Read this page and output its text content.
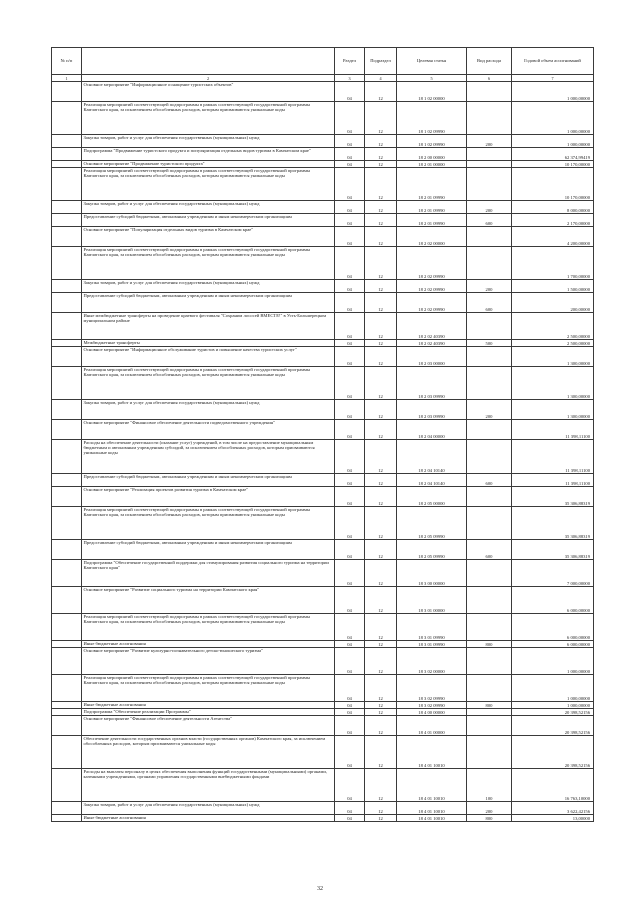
№ п/п		Раздел	Подраздел	Целевая статья	Вид расхода	Годовой объем ассигнований
1	2	3	4	5	6	7
	Основное мероприятие "Информационное оснащение туристских объектов"	04	12	18 1 02 00000		1 000,00000
	Реализация мероприятий соответствующей подпрограммы в рамках соответствующей государственной программы Камчатского края, за исключением обособленных расходов, которым присваиваются уникальные коды	04	12	18 1 02 09990		1 000,00000
	Закупка товаров, работ и услуг для обеспечения государственных (муниципальных) нужд	04	12	18 1 02 09990	200	1 000,00000
	Подпрограмма "Продвижение туристского продукта и популяризация отдельных видов туризма в Камчатском крае"	04	12	18 2 00 00000		62 374,99419
	Основное мероприятие "Продвижение туристского продукта"	04	12	18 2 01 00000		10 170,00000
	Реализация мероприятий соответствующей подпрограммы в рамках соответствующей государственной программы Камчатского края, за исключением обособленных расходов, которым присваиваются уникальные коды	04	12	18 2 01 09990		10 170,00000
	Закупка товаров, работ и услуг для обеспечения государственных (муниципальных) нужд	04	12	18 2 01 09990	200	8 000,00000
	Предоставление субсидий бюджетным, автономным учреждениям и иным некоммерческим организациям	04	12	18 2 01 09990	600	2 170,00000
	Основное мероприятие "Популяризация отдельных видов туризма в Камчатском крае"	04	12	18 2 02 00000		4 200,00000
	Реализация мероприятий соответствующей подпрограммы в рамках соответствующей государственной программы Камчатского края, за исключением обособленных расходов, которым присваиваются уникальные коды	04	12	18 2 02 09990		1 700,00000
	Закупка товаров, работ и услуг для обеспечения государственных (муниципальных) нужд	04	12	18 2 02 09990	200	1 500,00000
	Предоставление субсидий бюджетным, автономным учреждениям и иным некоммерческим организациям	04	12	18 2 02 09990	600	200,00000
	Иные межбюджетные трансферты на проведение краевого фестиваля "Сохраним лососей ВМЕСТЕ!" в Усть-Большерецком муниципальном районе	04	12	18 2 02 40390		2 500,00000
	Межбюджетные трансферты	04	12	18 2 02 40390	500	2 500,00000
	Основное мероприятие "Информационное обслуживание туристов и повышение качества туристских услуг"	04	12	18 2 03 00000		1 300,00000
	Реализация мероприятий соответствующей подпрограммы в рамках соответствующей государственной программы Камчатского края, за исключением обособленных расходов, которым присваиваются уникальные коды	04	12	18 2 03 09990		1 300,00000
	Закупка товаров, работ и услуг для обеспечения государственных (муниципальных) нужд	04	12	18 2 03 09990	200	1 300,00000
	Основное мероприятие "Финансовое обеспечение деятельности подведомственного учреждения"	04	12	18 2 04 00000		11 398,11100
	Расходы на обеспечение деятельности (оказание услуг) учреждений, в том числе на предоставление муниципальным бюджетным и автономным учреждениям субсидий, за исключением обособленных расходов, которым присваиваются уникальные коды	04	12	18 2 04 10140		11 398,11100
	Предоставление субсидий бюджетным, автономным учреждениям и иным некоммерческим организациям	04	12	18 2 04 10140	600	11 398,11100
	Основное мероприятие "Реализация проектов развития туризма в Камчатском крае"	04	12	18 2 05 00000		35 306,88319
	Реализация мероприятий соответствующей подпрограммы в рамках соответствующей государственной программы Камчатского края, за исключением обособленных расходов, которым присваиваются уникальные коды	04	12	18 2 05 09990		35 306,88319
	Предоставление субсидий бюджетным, автономным учреждениям и иным некоммерческим организациям	04	12	18 2 05 09990	600	35 306,88319
	Подпрограмма "Обеспечение государственной поддержки для стимулирования развития социального туризма на территории Камчатского края"	04	12	18 3 00 00000		7 000,00000
	Основное мероприятие "Развитие социального туризма на территории Камчатского края"	04	12	18 3 01 00000		6 000,00000
	Реализация мероприятий соответствующей подпрограммы в рамках соответствующей государственной программы Камчатского края, за исключением обособленных расходов, которым присваиваются уникальные коды	04	12	18 3 01 09990		6 000,00000
	Иные бюджетные ассигнования	04	12	18 3 01 09990	800	6 000,00000
	Основное мероприятие "Развитие культурно-познавательного детско-юношеского туризма"	04	12	18 3 02 00000		1 000,00000
	Реализация мероприятий соответствующей подпрограммы в рамках соответствующей государственной программы Камчатского края, за исключением обособленных расходов, которым присваиваются уникальные коды	04	12	18 3 02 09990		1 000,00000
	Иные бюджетные ассигнования	04	12	18 3 02 09990	800	1 000,00000
	Подпрограмма "Обеспечение реализации Программы"	04	12	18 4 00 00000		20 398,52156
	Основное мероприятие "Финансовое обеспечение деятельности Агентства"	04	12	18 4 01 00000		20 398,52156
	Обеспечение деятельности государственных органов власти (государственных органов) Камчатского края, за исключением обособленных расходов, которым присваиваются уникальные коды	04	12	18 4 01 10010		20 398,52156
	Расходы на выплаты персоналу в целях обеспечения выполнения функций государственными (муниципальными) органами, казенными учреждениями, органами управления государственными внебюджетными фондами	04	12	18 4 01 10010	100	16 763,10000
	Закупка товаров, работ и услуг для обеспечения государственных (муниципальных) нужд	04	12	18 4 01 10010	200	3 622,42156
	Иные бюджетные ассигнования	04	12	18 4 01 10010	800	13,00000
32
